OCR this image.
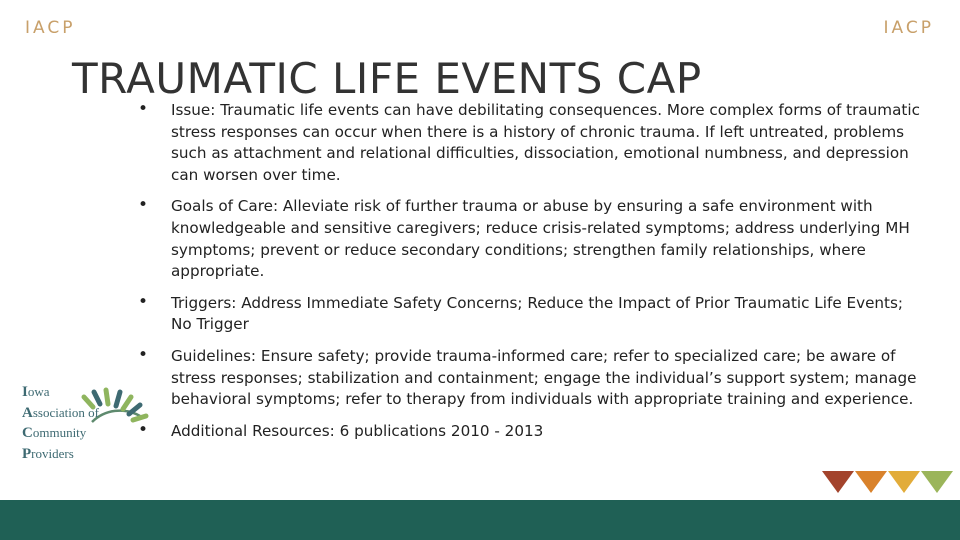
IACP	IACP
TRAUMATIC LIFE EVENTS CAP
• Issue: Traumatic life events can have debilitating consequences. More complex forms of traumatic stress responses can occur when there is a history of chronic trauma. If left untreated, problems such as attachment and relational difficulties, dissociation, emotional numbness, and depression can worsen over time.
• Goals of Care: Alleviate risk of further trauma or abuse by ensuring a safe environment with knowledgeable and sensitive caregivers; reduce crisis-related symptoms; address underlying MH symptoms; prevent or reduce secondary conditions; strengthen family relationships, where appropriate.
• Triggers: Address Immediate Safety Concerns; Reduce the Impact of Prior Traumatic Life Events; No Trigger
• Guidelines: Ensure safety; provide trauma-informed care; refer to specialized care; be aware of stress responses; stabilization and containment; engage the individual’s support system; manage behavioral symptoms; refer to therapy from individuals with appropriate training and experience.
• Additional Resources: 6 publications 2010 - 2013
Iowa
Association of
Community
Providers
